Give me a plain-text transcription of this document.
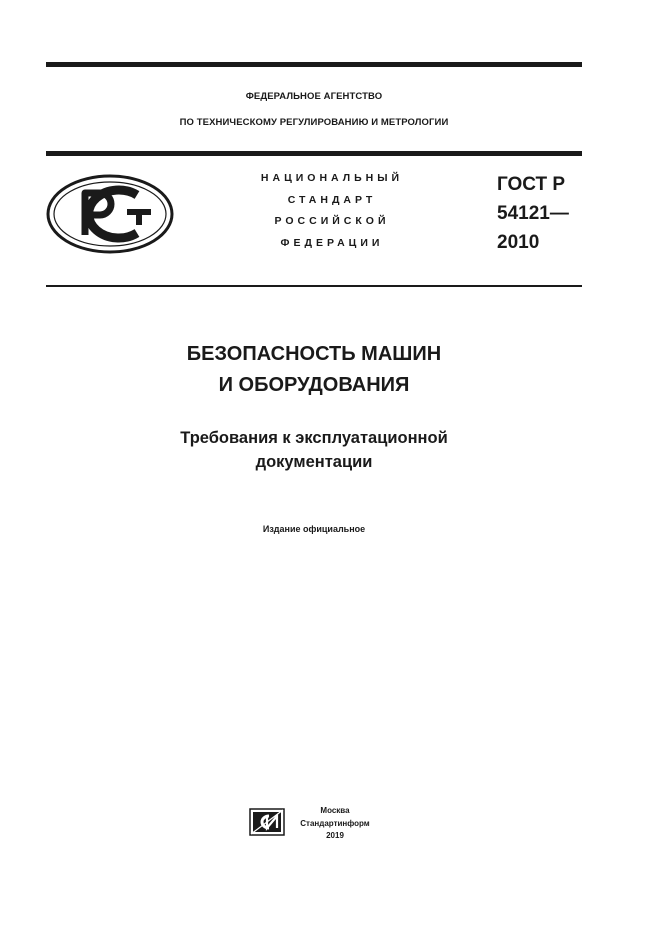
ФЕДЕРАЛЬНОЕ АГЕНТСТВО
ПО ТЕХНИЧЕСКОМУ РЕГУЛИРОВАНИЮ И МЕТРОЛОГИИ
НАЦИОНАЛЬНЫЙ
СТАНДАРТ
РОССИЙСКОЙ
ФЕДЕРАЦИИ
ГОСТ Р
54121—
2010
БЕЗОПАСНОСТЬ МАШИН
И ОБОРУДОВАНИЯ
Требования к эксплуатационной
документации
Издание официальное
Москва
Стандартинформ
2019
